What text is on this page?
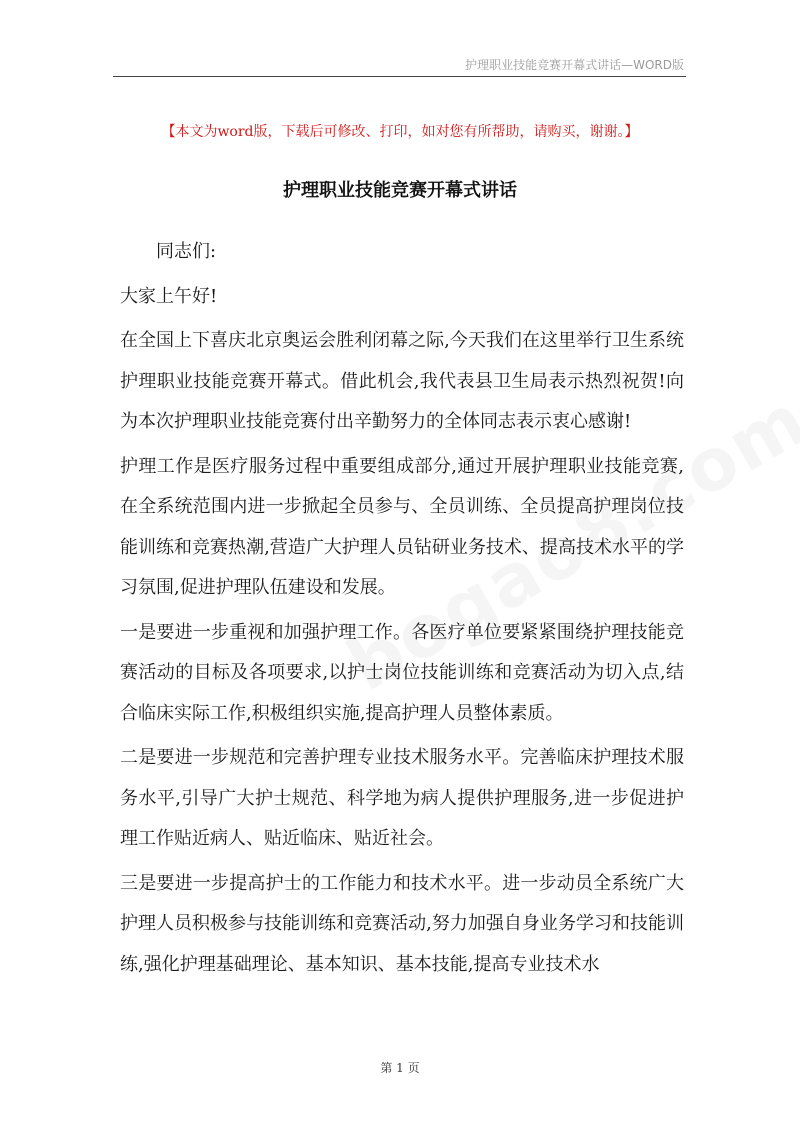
护理职业技能竞赛开幕式讲话—WORD版
【本文为word版，下载后可修改、打印，如对您有所帮助，请购买，谢谢。】
护理职业技能竞赛开幕式讲话

同志们:

大家上午好!

在全国上下喜庆北京奥运会胜利闭幕之际,今天我们在这里举行卫生系统护理职业技能竞赛开幕式。借此机会,我代表县卫生局表示热烈祝贺!向为本次护理职业技能竞赛付出辛勤努力的全体同志表示衷心感谢!

护理工作是医疗服务过程中重要组成部分,通过开展护理职业技能竞赛,在全系统范围内进一步掀起全员参与、全员训练、全员提高护理岗位技能训练和竞赛热潮,营造广大护理人员钻研业务技术、提高技术水平的学习氛围,促进护理队伍建设和发展。

一是要进一步重视和加强护理工作。各医疗单位要紧紧围绕护理技能竞赛活动的目标及各项要求,以护士岗位技能训练和竞赛活动为切入点,结合临床实际工作,积极组织实施,提高护理人员整体素质。

二是要进一步规范和完善护理专业技术服务水平。完善临床护理技术服务水平,引导广大护士规范、科学地为病人提供护理服务,进一步促进护理工作贴近病人、贴近临床、贴近社会。

三是要进一步提高护士的工作能力和技术水平。进一步动员全系统广大护理人员积极参与技能训练和竞赛活动,努力加强自身业务学习和技能训练,强化护理基础理论、基本知识、基本技能,提高专业技术水

第 1 页
